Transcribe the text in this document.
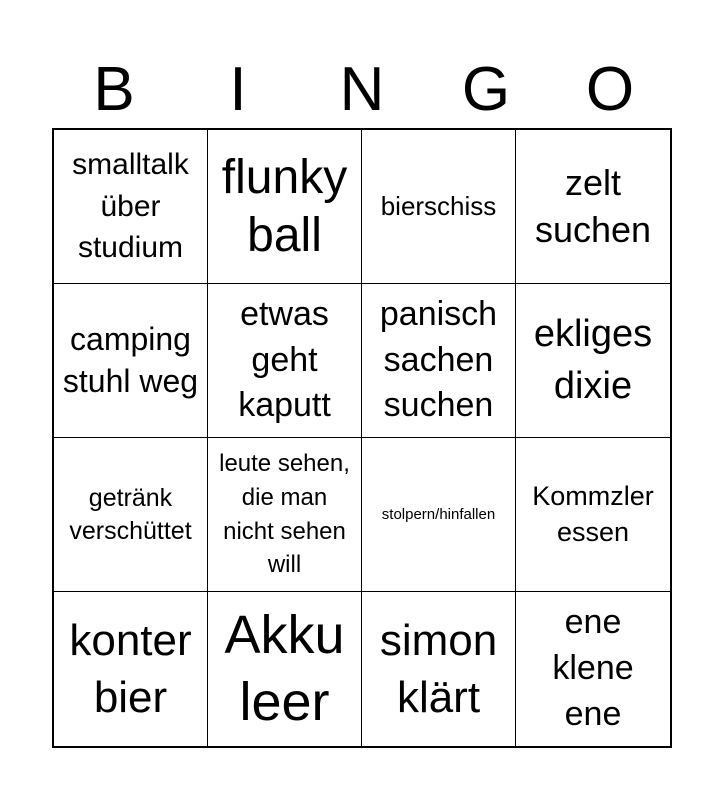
B	I	N	G	O
smalltalk über studium
flunky ball
bierschiss
zelt suchen
camping stuhl weg
etwas geht kaputt
panisch sachen suchen
ekliges dixie
getränk verschüttet
leute sehen, die man nicht sehen will
stolpern/hinfallen
Kommzler essen
konter bier
Akku leer
simon klärt
ene klene ene
